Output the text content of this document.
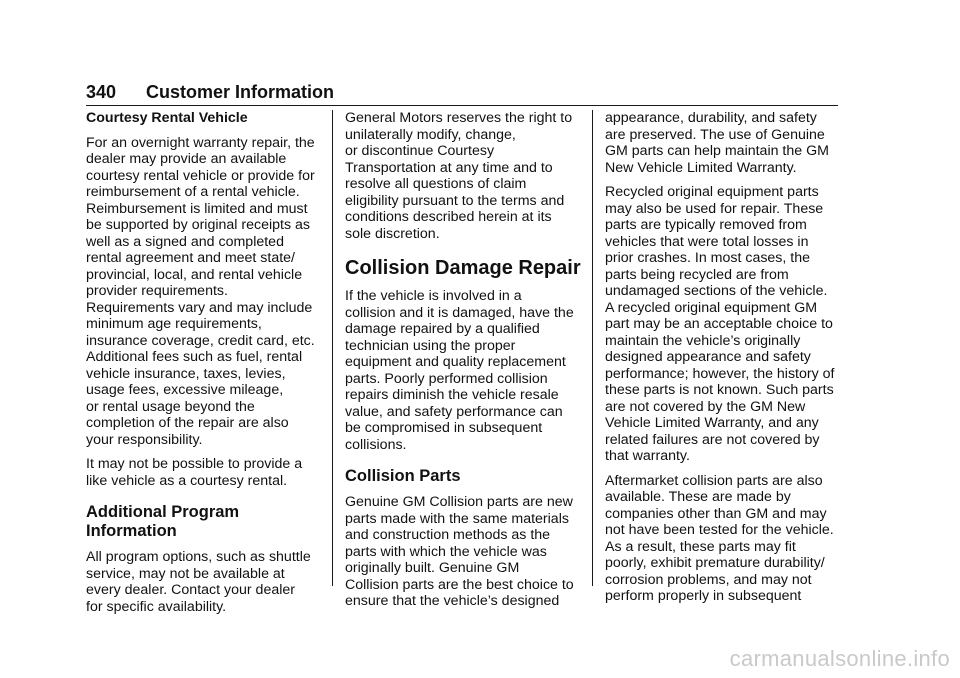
340 Customer Information
Courtesy Rental Vehicle

For an overnight warranty repair, the
dealer may provide an available
courtesy rental vehicle or provide for
reimbursement of a rental vehicle.
Reimbursement is limited and must
be supported by original receipts as
well as a signed and completed
rental agreement and meet state/
provincial, local, and rental vehicle
provider requirements.
Requirements vary and may include
minimum age requirements,
insurance coverage, credit card, etc.
Additional fees such as fuel, rental
vehicle insurance, taxes, levies,
usage fees, excessive mileage,
or rental usage beyond the
completion of the repair are also
your responsibility.

It may not be possible to provide a
like vehicle as a courtesy rental.

Additional Program
Information

All program options, such as shuttle
service, may not be available at
every dealer. Contact your dealer
for specific availability.

General Motors reserves the right to
unilaterally modify, change,
or discontinue Courtesy
Transportation at any time and to
resolve all questions of claim
eligibility pursuant to the terms and
conditions described herein at its
sole discretion.

Collision Damage Repair

If the vehicle is involved in a
collision and it is damaged, have the
damage repaired by a qualified
technician using the proper
equipment and quality replacement
parts. Poorly performed collision
repairs diminish the vehicle resale
value, and safety performance can
be compromised in subsequent
collisions.

Collision Parts

Genuine GM Collision parts are new
parts made with the same materials
and construction methods as the
parts with which the vehicle was
originally built. Genuine GM
Collision parts are the best choice to
ensure that the vehicle’s designed

appearance, durability, and safety
are preserved. The use of Genuine
GM parts can help maintain the GM
New Vehicle Limited Warranty.

Recycled original equipment parts
may also be used for repair. These
parts are typically removed from
vehicles that were total losses in
prior crashes. In most cases, the
parts being recycled are from
undamaged sections of the vehicle.
A recycled original equipment GM
part may be an acceptable choice to
maintain the vehicle’s originally
designed appearance and safety
performance; however, the history of
these parts is not known. Such parts
are not covered by the GM New
Vehicle Limited Warranty, and any
related failures are not covered by
that warranty.

Aftermarket collision parts are also
available. These are made by
companies other than GM and may
not have been tested for the vehicle.
As a result, these parts may fit
poorly, exhibit premature durability/
corrosion problems, and may not
perform properly in subsequent

carmanualsonline.info
